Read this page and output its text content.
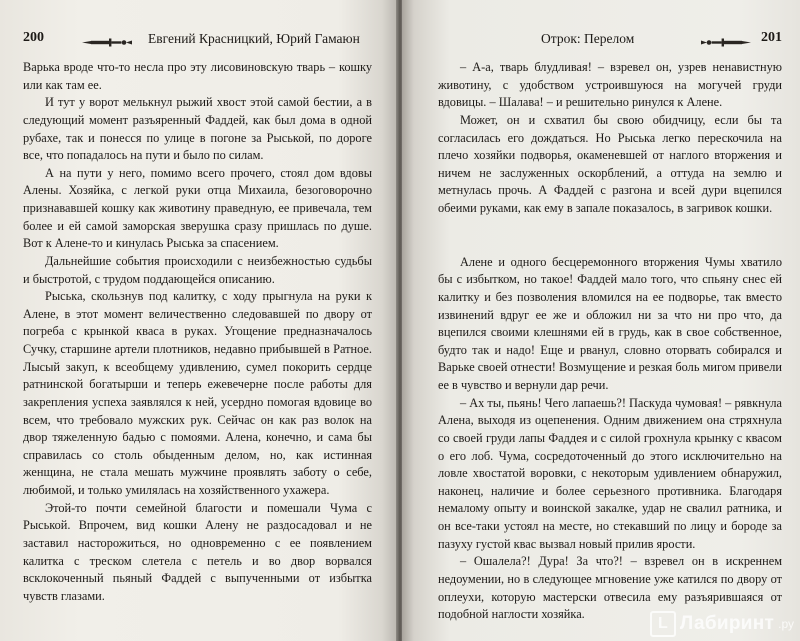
200	Евгений Красницкий, Юрий Гамаюн

Варька вроде что-то несла про эту лисовиновскую тварь – кошку или как там ее.

И тут у ворот мелькнул рыжий хвост этой самой бестии, а в следующий момент разъяренный Фаддей, как был дома в одной рубахе, так и понесся по улице в погоне за Рыськой, по дороге все, что попадалось на пути и было по силам.

А на пути у него, помимо всего прочего, стоял дом вдовы Алены. Хозяйка, с легкой руки отца Михаила, безоговорочно признававшей кошку как животину праведную, ее привечала, тем более и ей самой заморская зверушка сразу пришлась по душе. Вот к Алене-то и кинулась Рыська за спасением.

Дальнейшие события происходили с неизбежностью судьбы и быстротой, с трудом поддающейся описанию.

Рыська, скользнув под калитку, с ходу прыгнула на руки к Алене, в этот момент величественно следовавшей по двору от погреба с крынкой кваса в руках. Угощение предназначалось Сучку, старшине артели плотников, недавно прибывшей в Ратное. Лысый закуп, к всеобщему удивлению, сумел покорить сердце ратнинской богатырши и теперь ежевечерне после работы для закрепления успеха заявлялся к ней, усердно помогая вдовице во всем, что требовало мужских рук. Сейчас он как раз волок на двор тяжеленную бадью с помоями. Алена, конечно, и сама бы справилась со столь обыденным делом, но, как истинная женщина, не стала мешать мужчине проявлять заботу о себе, любимой, и только умилялась на хозяйственного ухажера.

Этой-то почти семейной благости и помешали Чума с Рыськой. Впрочем, вид кошки Алену не раздосадовал и не заставил насторожиться, но одновременно с ее появлением калитка с треском слетела с петель и во двор ворвался всклокоченный пьяный Фаддей с выпученными от избытка чувств глазами.

Отрок: Перелом	201

– А-а, тварь блудливая! – взревел он, узрев ненавистную животину, с удобством устроившуюся на могучей груди вдовицы. – Шалава! – и решительно ринулся к Алене.

Может, он и схватил бы свою обидчицу, если бы та согласилась его дождаться. Но Рыська легко перескочила на плечо хозяйки подворья, окаменевшей от наглого вторжения и ничем не заслуженных оскорблений, а оттуда на землю и метнулась прочь. А Фаддей с разгона и всей дури вцепился обеими руками, как ему в запале показалось, в загривок кошки.

Алене и одного бесцеремонного вторжения Чумы хватило бы с избытком, но такое! Фаддей мало того, что спьяну снес ей калитку и без позволения вломился на ее подворье, так вместо извинений вдруг ее же и обложил ни за что ни про что, да вцепился своими клешнями ей в грудь, как в свое собственное, будто так и надо! Еще и рванул, словно оторвать собирался и Варьке своей отнести! Возмущение и резкая боль мигом привели ее в чувство и вернули дар речи.

– Ах ты, пьянь! Чего лапаешь?! Паскуда чумовая! – рявкнула Алена, выходя из оцепенения. Одним движением она стряхнула со своей груди лапы Фаддея и с силой грохнула крынку с квасом о его лоб. Чума, сосредоточенный до этого исключительно на ловле хвостатой воровки, с некоторым удивлением обнаружил, наконец, наличие и более серьезного противника. Благодаря немалому опыту и воинской закалке, удар не свалил ратника, и он все-таки устоял на месте, но стекавший по лицу и бороде за пазуху густой квас вызвал новый прилив ярости.

– Ошалела?! Дура! За что?! – взревел он в искреннем недоумении, но в следующее мгновение уже катился по двору от оплеухи, которую мастерски отвесила ему разъярившаяся от подобной наглости хозяйка.

L Лабиринт .ру
